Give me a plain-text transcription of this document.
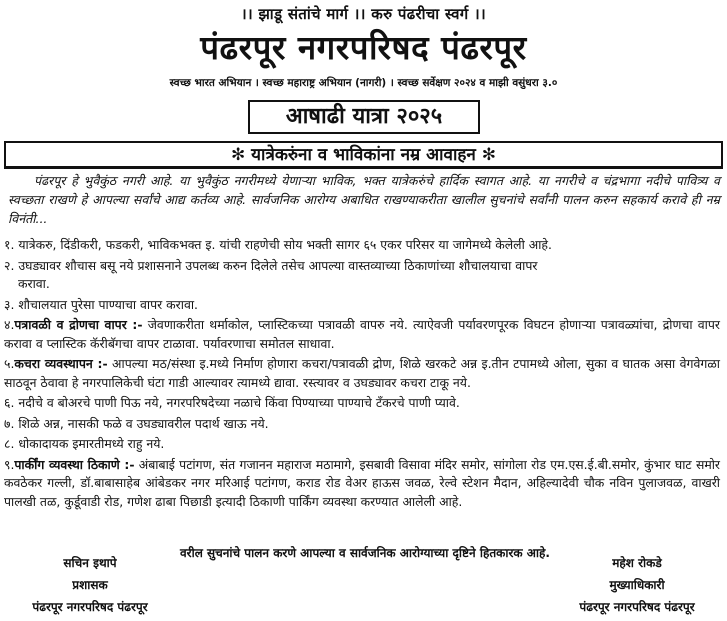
।। झाडू संतांचे मार्ग ।। करु पंढरीचा स्वर्ग ।।
पंढरपूर नगरपरिषद पंढरपूर
स्वच्छ भारत अभियान । स्वच्छ महाराष्ट्र अभियान (नागरी) । स्वच्छ सर्वेक्षण २०२४ व माझी वसुंधरा ३.०
आषाढी यात्रा २०२५
✻ यात्रेकरुंना व भाविकांना नम्र आवाहन ✻
पंढरपूर हे भुवैकुंठ नगरी आहे. या भुवैकुंठ नगरीमध्ये येणाऱ्या भाविक, भक्त यात्रेकरुंचे हार्दिक स्वागत आहे. या नगरीचे व चंद्रभागा नदीचे पावित्र्य व स्वच्छता राखणे हे आपल्या सर्वांचे आद्य कर्तव्य आहे. सार्वजनिक आरोग्य अबाधित राखण्याकरीता खालील सुचनांचे सर्वांनी पालन करुन सहकार्य करावे ही नम्र विनंती...
१. यात्रेकरु, दिंडीकरी, फडकरी, भाविकभक्त इ. यांची राहणेची सोय भक्ती सागर ६५ एकर परिसर या जागेमध्ये केलेली आहे.
२. उघड्यावर शौचास बसू नये प्रशासनाने उपलब्ध करुन दिलेले तसेच आपल्या वास्तव्याच्या ठिकाणांच्या शौचालयाचा वापर
करावा.
३. शौचालयात पुरेसा पाण्याचा वापर करावा.
४.पत्रावळी व द्रोणचा वापर :- जेवणाकरीता थर्माकोल, प्लास्टिकच्या पत्रावळी वापरु नये. त्याऐवजी पर्यावरणपूरक विघटन होणाऱ्या पत्रावळ्यांचा, द्रोणचा वापर करावा व प्लास्टिक कॅरीबॅगचा वापर टाळावा. पर्यावरणाचा समोतल साधावा.
५.कचरा व्यवस्थापन :- आपल्या मठ/संस्था इ.मध्ये निर्माण होणारा कचरा/पत्रावळी द्रोण, शिळे खरकटे अन्न इ.तीन टपामध्ये ओला, सुका व घातक असा वेगवेगळा साठवून ठेवावा हे नगरपालिकेची घंटा गाडी आल्यावर त्यामध्ये द्यावा. रस्त्यावर व उघड्यावर कचरा टाकू नये.
६. नदीचे व बोअरचे पाणी पिऊ नये, नगरपरिषदेच्या नळाचे किंवा पिण्याच्या पाण्याचे टँकरचे पाणी प्यावे.
७. शिळे अन्न, नासकी फळे व उघड्यावरील पदार्थ खाऊ नये.
८. धोकादायक इमारतीमध्ये राहु नये.
९.पार्कींग व्यवस्था ठिकाणे :- अंबाबाई पटांगण, संत गजानन महाराज मठामागे, इसबावी विसावा मंदिर समोर, सांगोला रोड एम.एस.ई.बी.समोर, कुंभार घाट समोर कवठेकर गल्ली, डॉ.बाबासाहेब आंबेडकर नगर मरिआई पटांगण, कराड रोड वेअर हाऊस जवळ, रेल्वे स्टेशन मैदान, अहिल्यादेवी चौक नविन पुलाजवळ, वाखरी पालखी तळ, कुर्डूवाडी रोड, गणेश ढाबा पिछाडी इत्यादी ठिकाणी पार्किंग व्यवस्था करण्यात आलेली आहे.
वरील सुचनांचे पालन करणे आपल्या व सार्वजनिक आरोग्याच्या दृष्टिने हितकारक आहे.
सचिन इथापे
प्रशासक
पंढरपूर नगरपरिषद पंढरपूर
महेश रोकडे
मुख्याधिकारी
पंढरपूर नगरपरिषद पंढरपूर
